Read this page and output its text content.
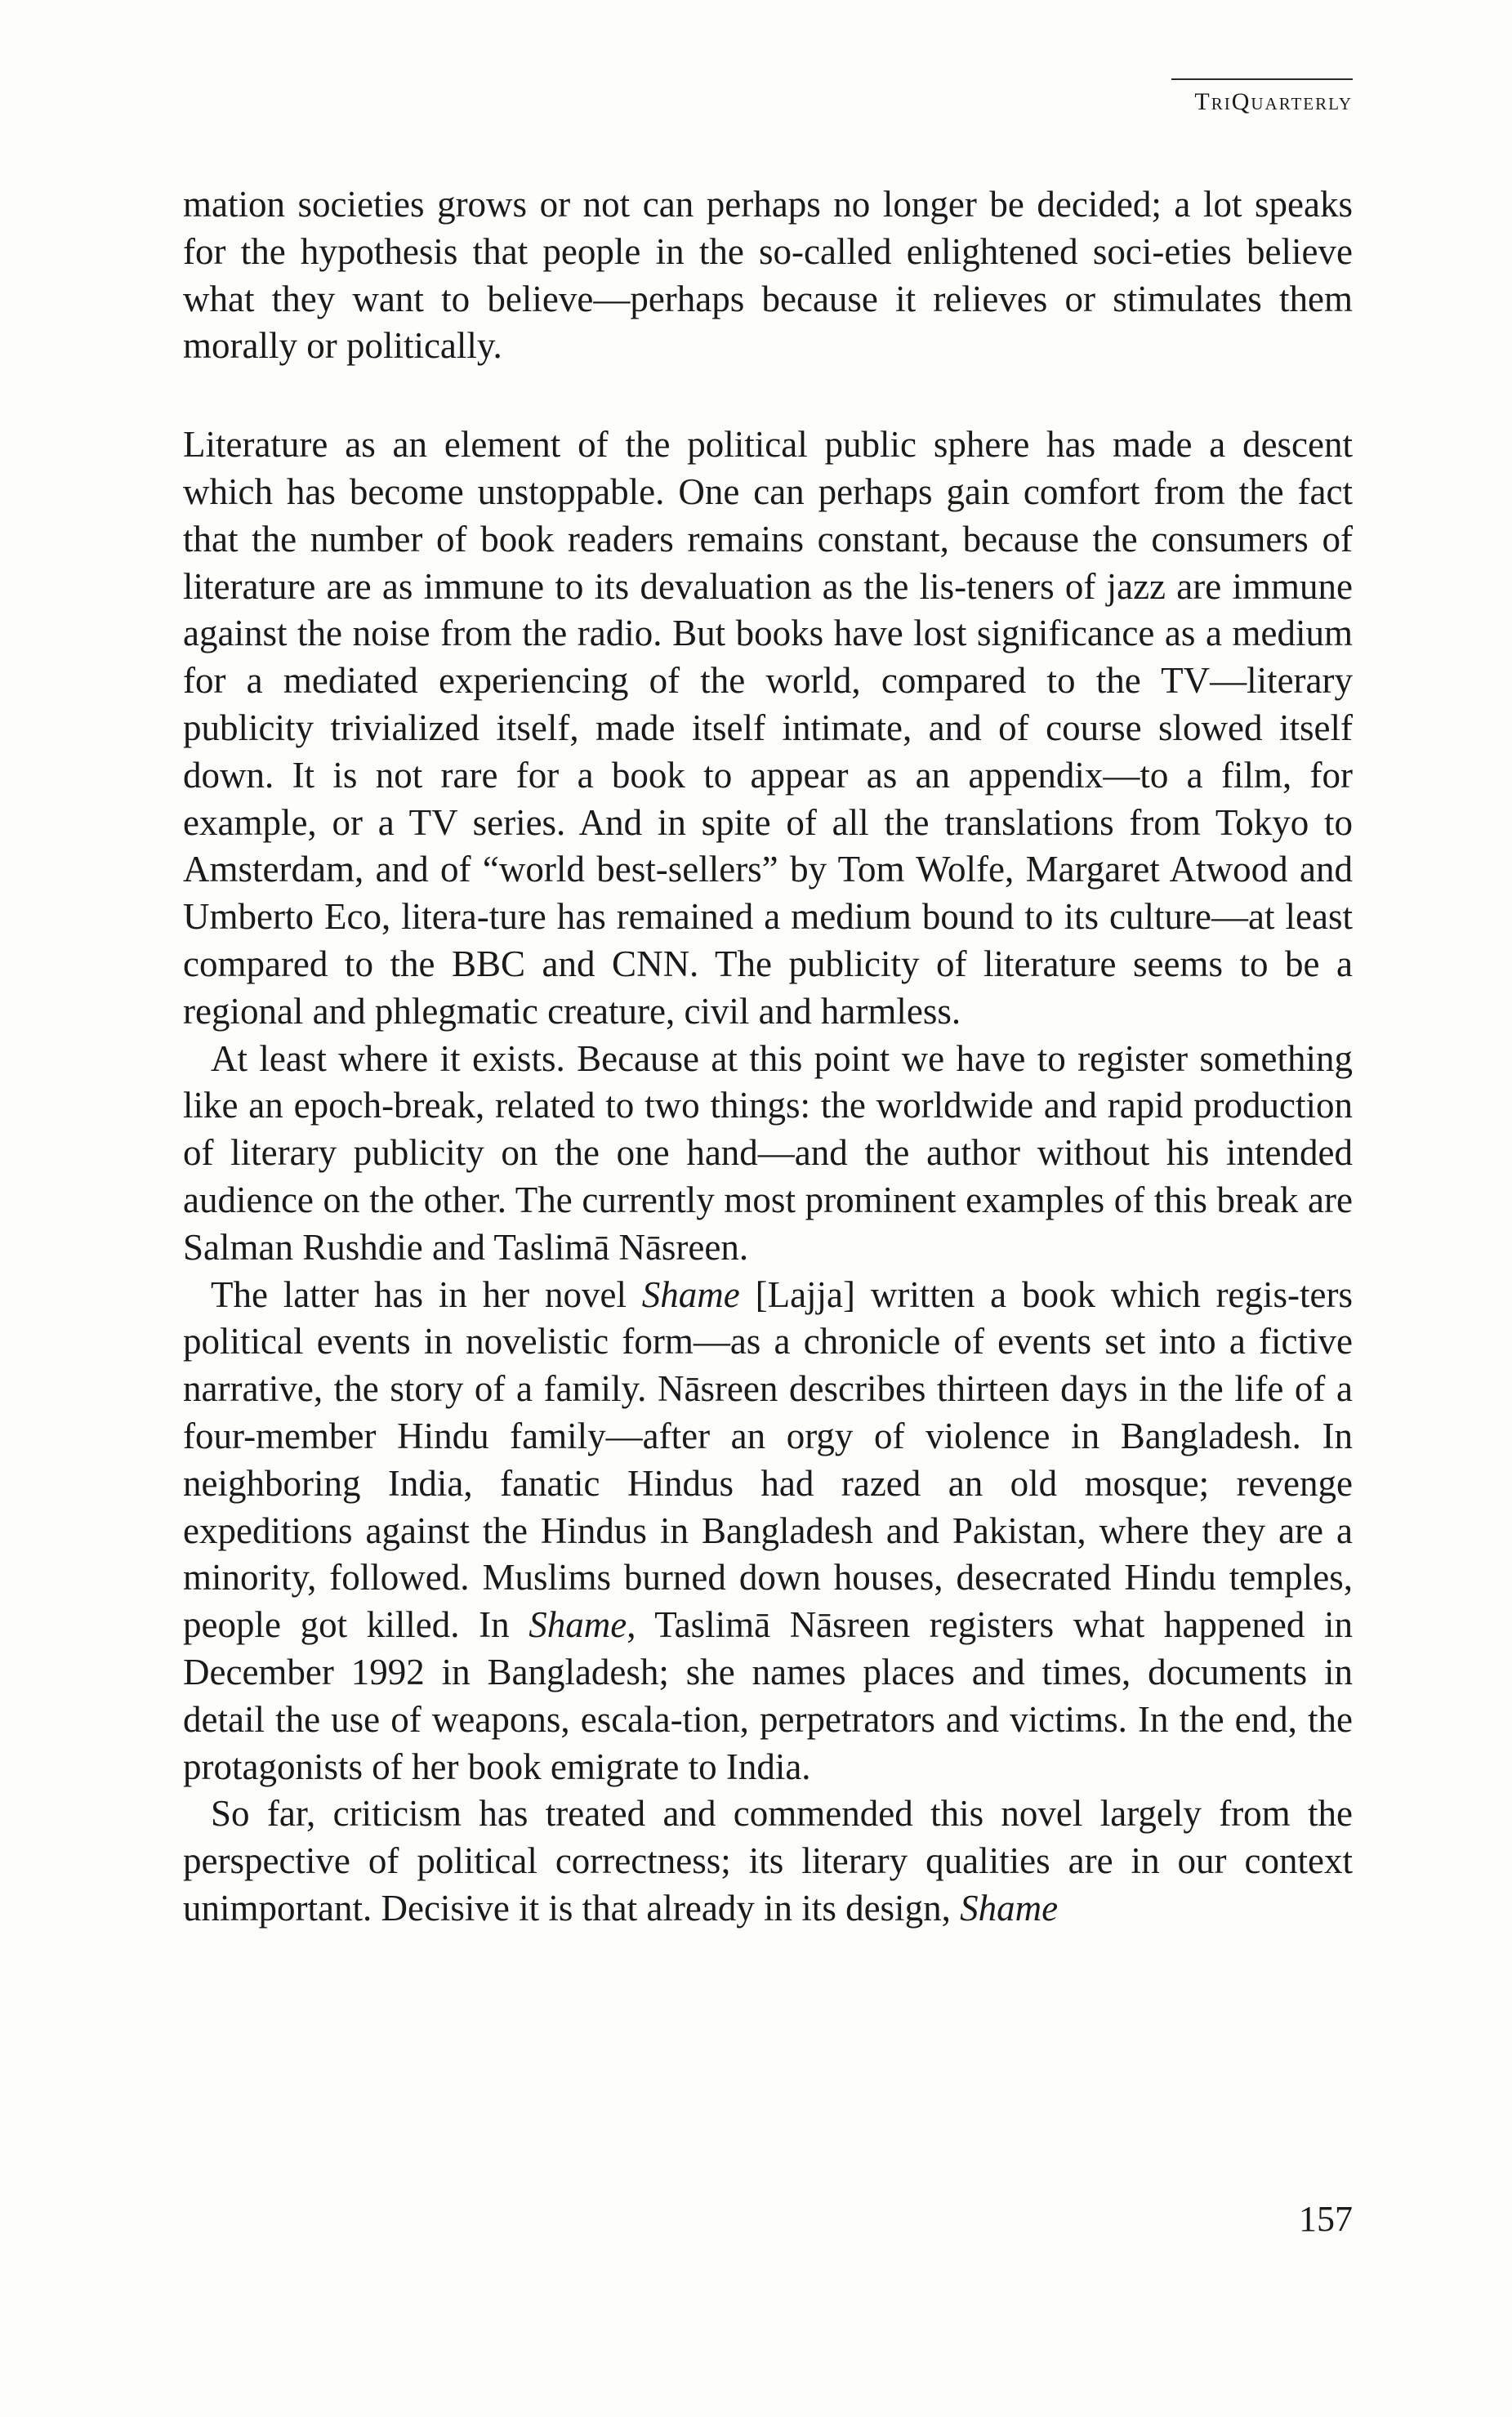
TriQuarterly

mation societies grows or not can perhaps no longer be decided; a lot speaks for the hypothesis that people in the so-called enlightened soci-eties believe what they want to believe—perhaps because it relieves or stimulates them morally or politically.

Literature as an element of the political public sphere has made a descent which has become unstoppable. One can perhaps gain comfort from the fact that the number of book readers remains constant, because the consumers of literature are as immune to its devaluation as the lis-teners of jazz are immune against the noise from the radio. But books have lost significance as a medium for a mediated experiencing of the world, compared to the TV—literary publicity trivialized itself, made itself intimate, and of course slowed itself down. It is not rare for a book to appear as an appendix—to a film, for example, or a TV series. And in spite of all the translations from Tokyo to Amsterdam, and of “world best-sellers” by Tom Wolfe, Margaret Atwood and Umberto Eco, litera-ture has remained a medium bound to its culture—at least compared to the BBC and CNN. The publicity of literature seems to be a regional and phlegmatic creature, civil and harmless.

At least where it exists. Because at this point we have to register something like an epoch-break, related to two things: the worldwide and rapid production of literary publicity on the one hand—and the author without his intended audience on the other. The currently most prominent examples of this break are Salman Rushdie and Taslimā Nāsreen.

The latter has in her novel Shame [Lajja] written a book which regis-ters political events in novelistic form—as a chronicle of events set into a fictive narrative, the story of a family. Nāsreen describes thirteen days in the life of a four-member Hindu family—after an orgy of violence in Bangladesh. In neighboring India, fanatic Hindus had razed an old mosque; revenge expeditions against the Hindus in Bangladesh and Pakistan, where they are a minority, followed. Muslims burned down houses, desecrated Hindu temples, people got killed. In Shame, Taslimā Nāsreen registers what happened in December 1992 in Bangladesh; she names places and times, documents in detail the use of weapons, escala-tion, perpetrators and victims. In the end, the protagonists of her book emigrate to India.

So far, criticism has treated and commended this novel largely from the perspective of political correctness; its literary qualities are in our context unimportant. Decisive it is that already in its design, Shame

157
